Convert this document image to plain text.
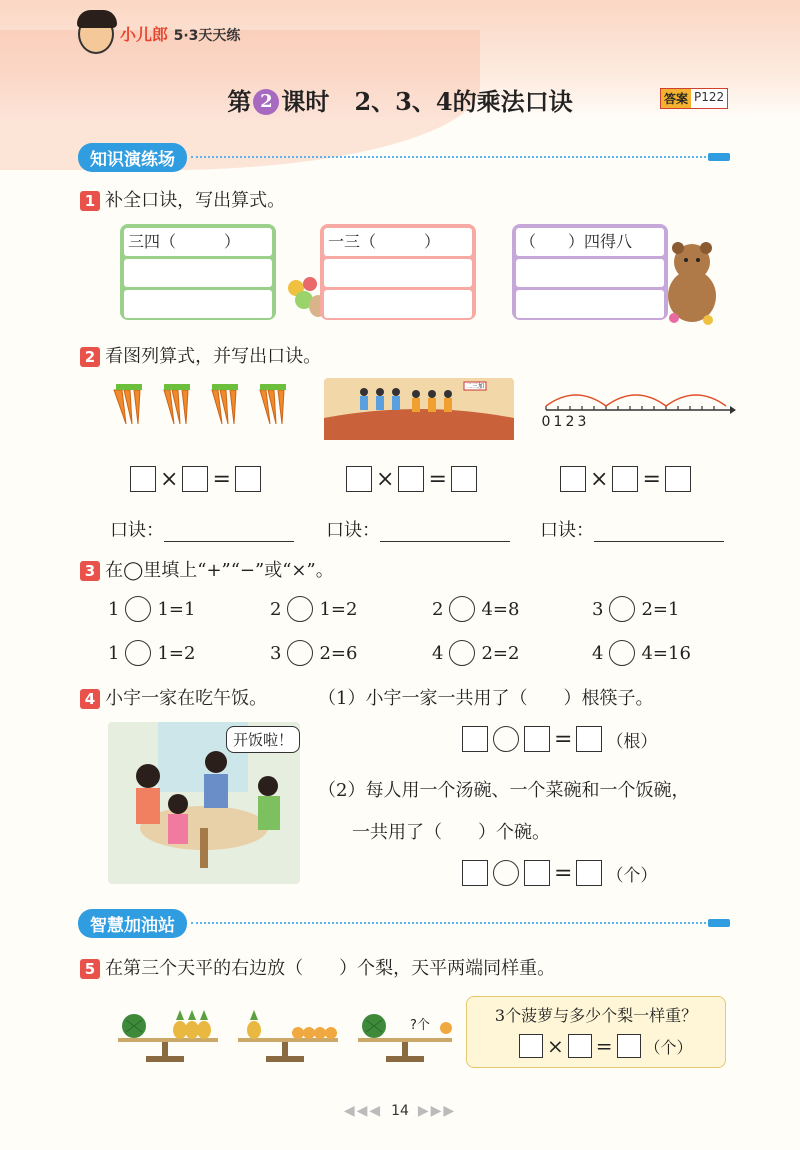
小儿郎 5·3天天练
第 2 课时 2、3、4的乘法口诀	答案 P122
知识演练场
1 补全口诀，写出算式。
三四（　　　）	一三（　　　）	（　　）四得八
2 看图列算式，并写出口诀。
二三加
0 1 2 3
× =	× =	× =
口诀：	口诀：	口诀：
3 在◯里填上“+”“−”或“×”。
1 1=1	2 1=2	2 4=8	3 2=1
1 1=2	3 2=6	4 2=2	4 4=16
4 小宇一家在吃午饭。	（1）小宇一家一共用了（　　）根筷子。
开饭啦！	= （根）
（2）每人用一个汤碗、一个菜碗和一个饭碗，
一共用了（　　）个碗。
= （个）
智慧加油站
5 在第三个天平的右边放（　　）个梨，天平两端同样重。
?个
3个菠萝与多少个梨一样重？
× = （个）
◀◀◀ 14 ▶▶▶
